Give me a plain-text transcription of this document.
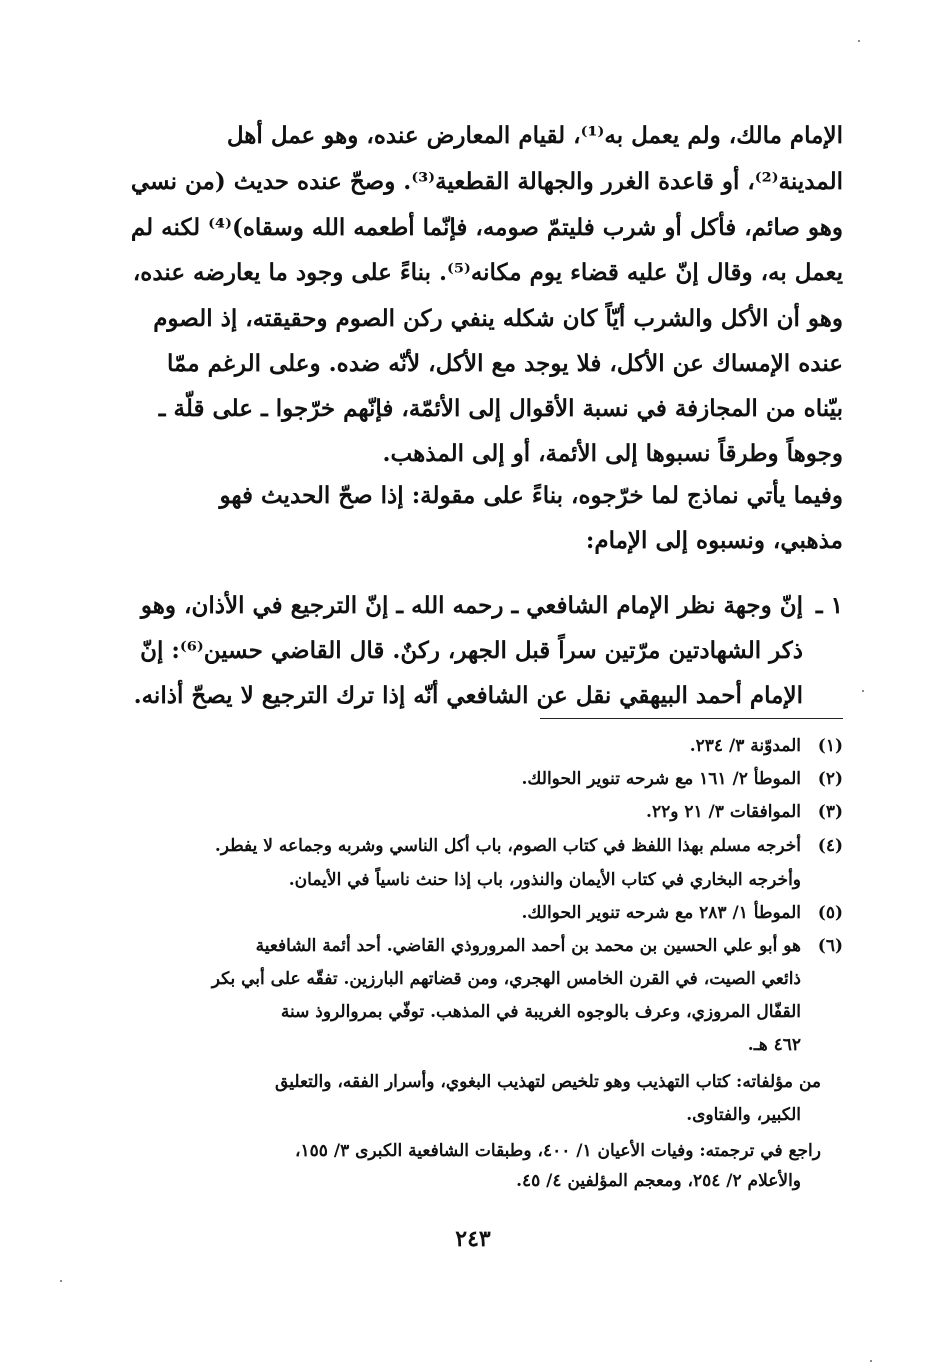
الإمام مالك، ولم يعمل به⁽¹⁾، لقيام المعارض عنده، وهو عمل أهل
المدينة⁽²⁾، أو قاعدة الغرر والجهالة القطعية⁽³⁾. وصحّ عنده حديث (من نسي
وهو صائم، فأكل أو شرب فليتمّ صومه، فإنّما أطعمه الله وسقاه)⁽⁴⁾ لكنه لم
يعمل به، وقال إنّ عليه قضاء يوم مكانه⁽⁵⁾. بناءً على وجود ما يعارضه عنده،
وهو أن الأكل والشرب أيّاً كان شكله ينفي ركن الصوم وحقيقته، إذ الصوم
عنده الإمساك عن الأكل، فلا يوجد مع الأكل، لأنّه ضده. وعلى الرغم ممّا
بيّناه من المجازفة في نسبة الأقوال إلى الأئمّة، فإنّهم خرّجوا ـ على قلّة ـ
وجوهاً وطرقاً نسبوها إلى الأئمة، أو إلى المذهب.
وفيما يأتي نماذج لما خرّجوه، بناءً على مقولة: إذا صحّ الحديث فهو
مذهبي، ونسبوه إلى الإمام:
١ ـ
إنّ وجهة نظر الإمام الشافعي ـ رحمه الله ـ إنّ الترجيع في الأذان، وهو
ذكر الشهادتين مرّتين سراً قبل الجهر، ركنٌ. قال القاضي حسين⁽⁶⁾: إنّ
الإمام أحمد البيهقي نقل عن الشافعي أنّه إذا ترك الترجيع لا يصحّ أذانه.
(١)
المدوّنة ٣/ ٢٣٤.
(٢)
الموطأ ٢/ ١٦١ مع شرحه تنوير الحوالك.
(٣)
الموافقات ٣/ ٢١ و٢٢.
(٤)
أخرجه مسلم بهذا اللفظ في كتاب الصوم، باب أكل الناسي وشربه وجماعه لا يفطر.
وأخرجه البخاري في كتاب الأيمان والنذور، باب إذا حنث ناسياً في الأيمان.
(٥)
الموطأ ١/ ٢٨٣ مع شرحه تنوير الحوالك.
(٦)
هو أبو علي الحسين بن محمد بن أحمد المروروذي القاضي. أحد أئمة الشافعية
ذائعي الصيت، في القرن الخامس الهجري، ومن قضاتهم البارزين. تفقّه على أبي بكر
القفّال المروزي، وعرف بالوجوه الغريبة في المذهب. توفّي بمروالروذ سنة
٤٦٢ هـ.
من مؤلفاته: كتاب التهذيب وهو تلخيص لتهذيب البغوي، وأسرار الفقه، والتعليق
الكبير، والفتاوى.
راجع في ترجمته: وفيات الأعيان ١/ ٤٠٠، وطبقات الشافعية الكبرى ٣/ ١٥٥،
والأعلام ٢/ ٢٥٤، ومعجم المؤلفين ٤/ ٤٥.
٢٤٣
